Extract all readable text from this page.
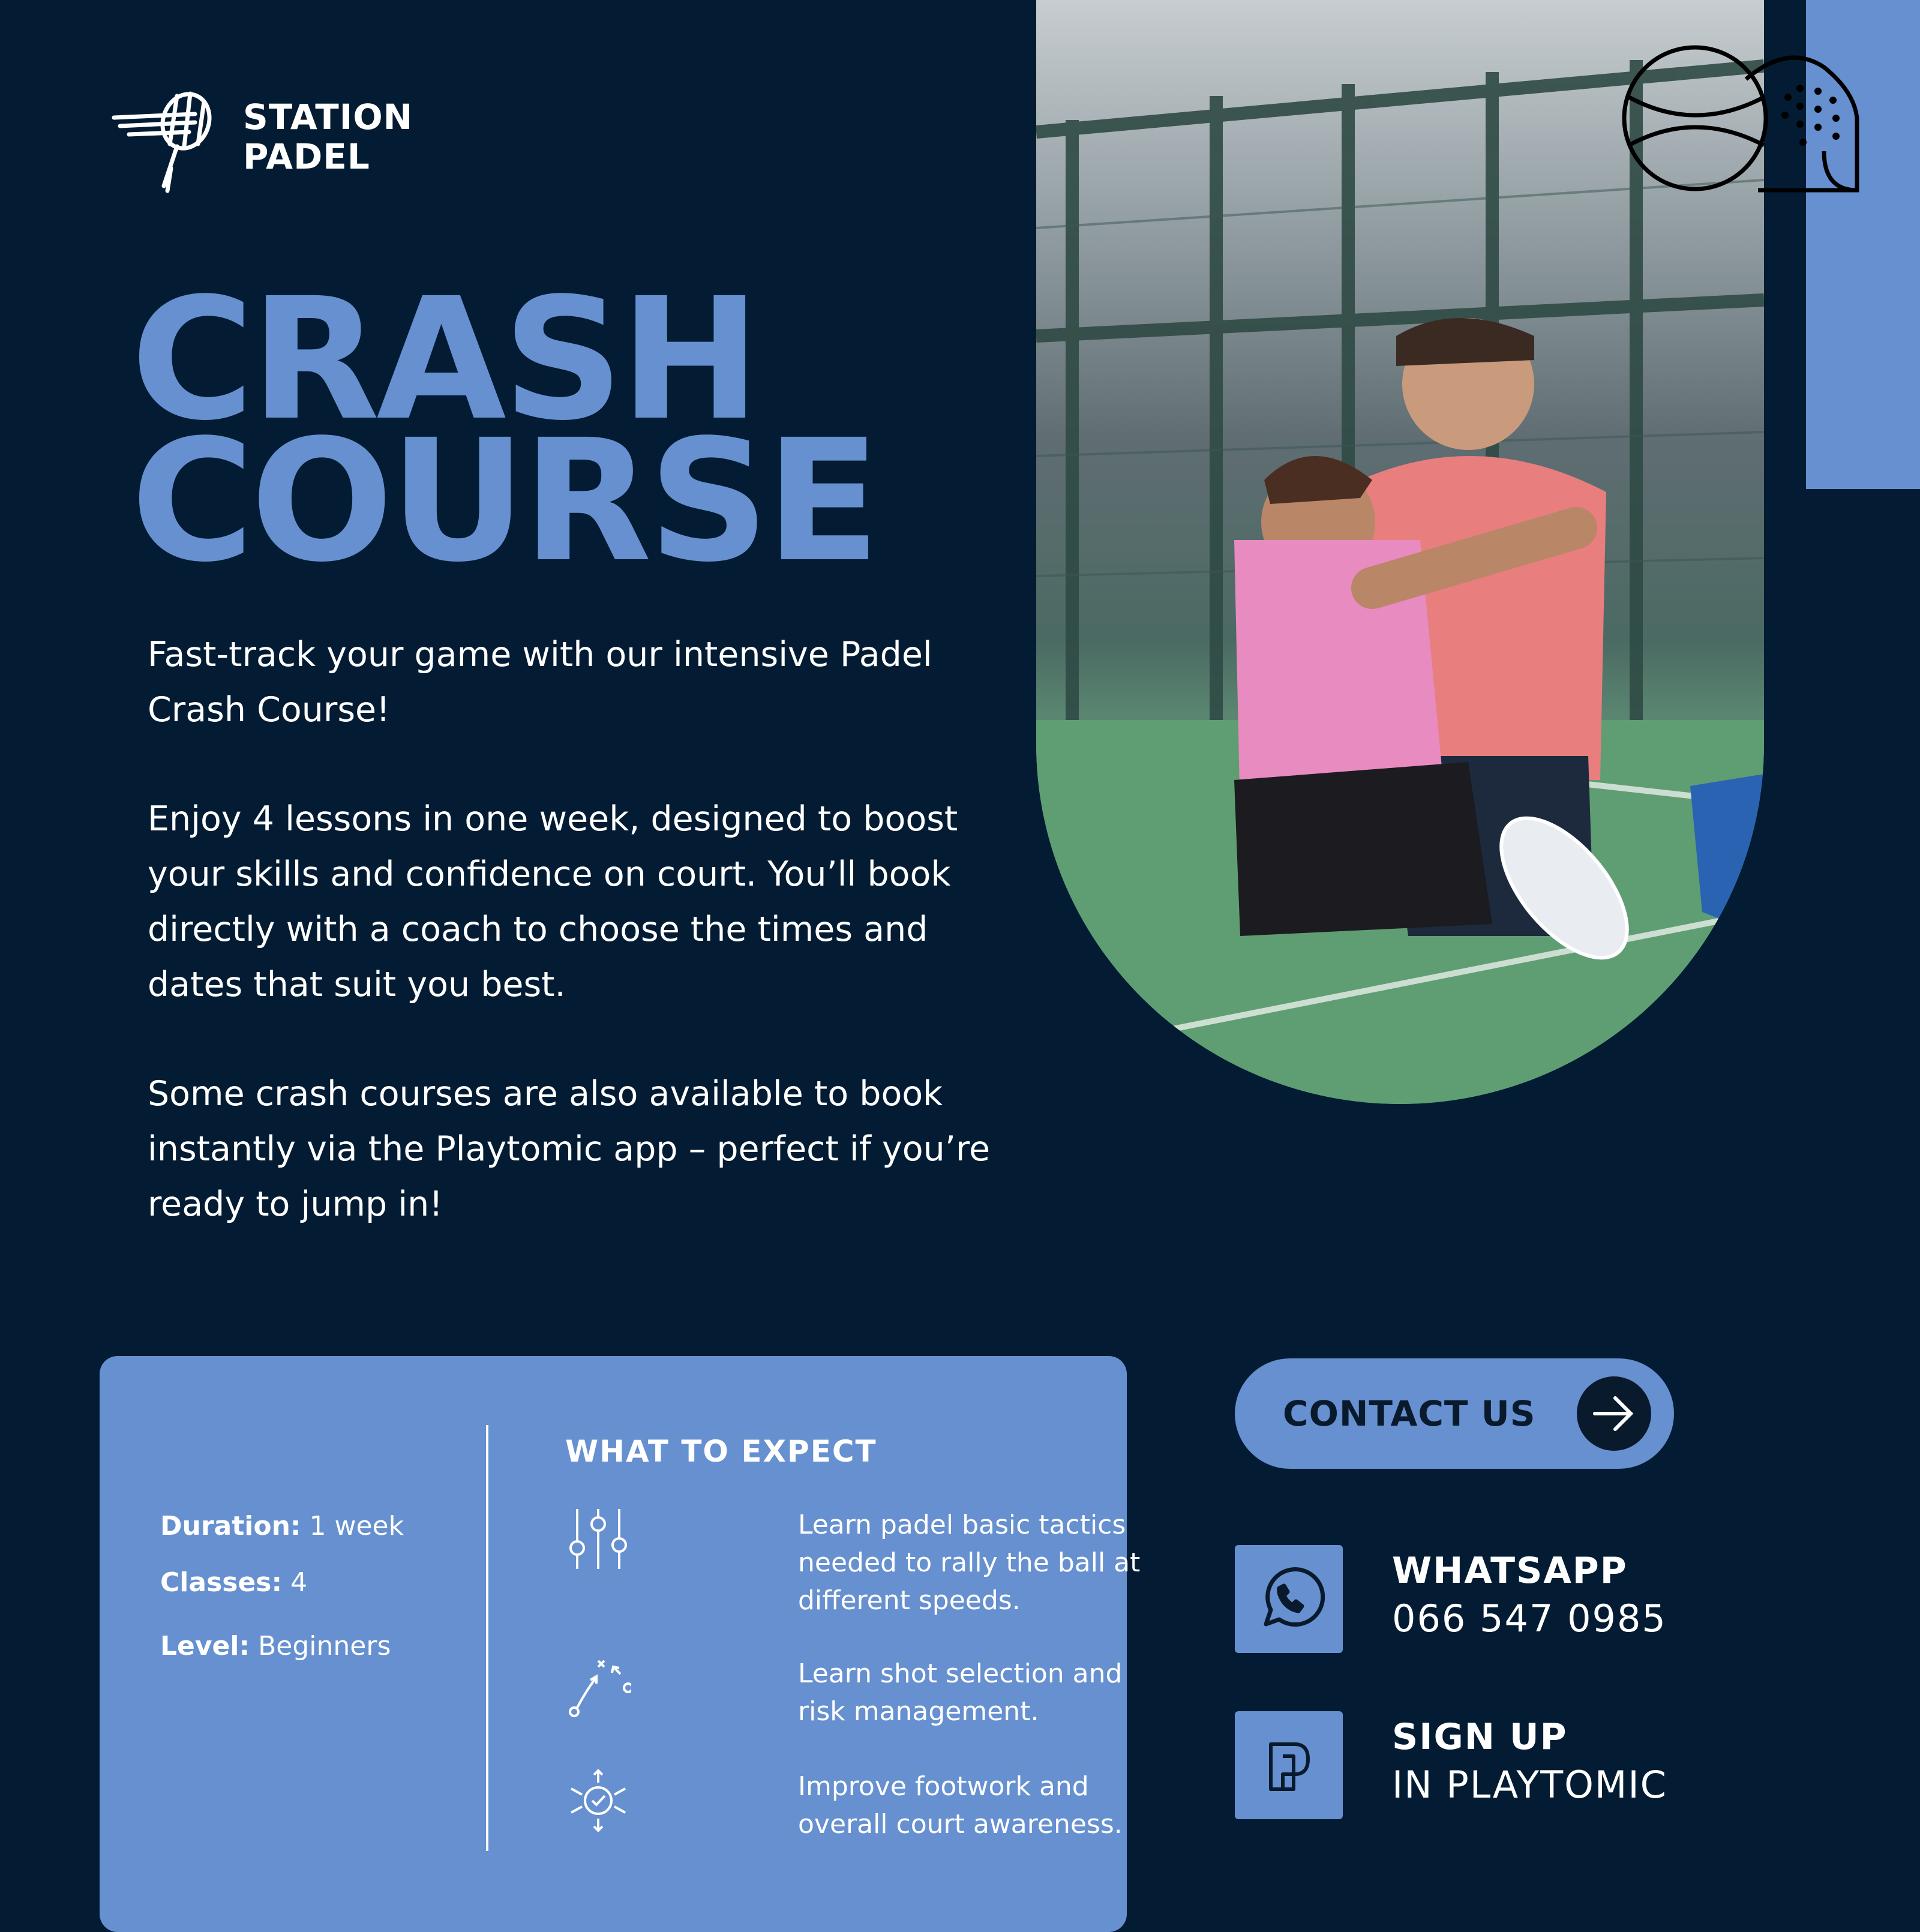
STATION
PADEL
CRASH
COURSE

Fast-track your game with our intensive Padel Crash Course!

Enjoy 4 lessons in one week, designed to boost your skills and confidence on court. You’ll book directly with a coach to choose the times and dates that suit you best.

Some crash courses are also available to book instantly via the Playtomic app – perfect if you’re ready to jump in!

Duration: 1 week
Classes: 4
Level: Beginners
WHAT TO EXPECT
Learn padel basic tactics needed to rally the ball at different speeds.
Learn shot selection and risk management.
Improve footwork and overall court awareness.
CONTACT US
WHATSAPP
066 547 0985
SIGN UP
IN PLAYTOMIC
